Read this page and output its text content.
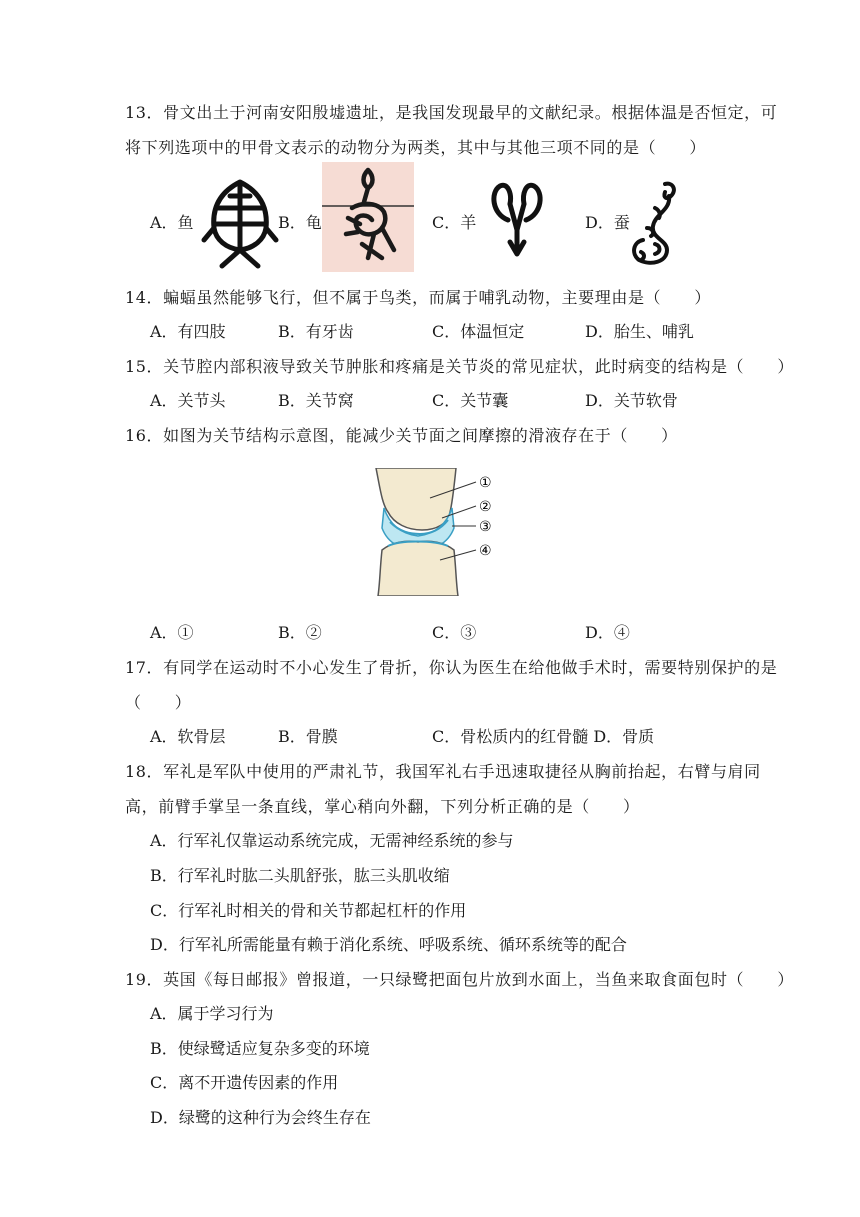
13．骨文出土于河南安阳殷墟遗址，是我国发现最早的文献纪录。根据体温是否恒定，可
将下列选项中的甲骨文表示的动物分为两类，其中与其他三项不同的是（　　）
A．鱼	B．龟	C．羊	D．蚕
14．蝙蝠虽然能够飞行，但不属于鸟类，而属于哺乳动物，主要理由是（　　）
A．有四肢	B．有牙齿	C．体温恒定	D．胎生、哺乳
15．关节腔内部积液导致关节肿胀和疼痛是关节炎的常见症状，此时病变的结构是（　　）
A．关节头	B．关节窝	C．关节囊	D．关节软骨
16．如图为关节结构示意图，能减少关节面之间摩擦的滑液存在于（　　）
①
②
③
④
A．①	B．②	C．③	D．④
17．有同学在运动时不小心发生了骨折，你认为医生在给他做手术时，需要特别保护的是
（　　）
A．软骨层	B．骨膜	C．骨松质内的红骨髓 D．骨质
18．军礼是军队中使用的严肃礼节，我国军礼右手迅速取捷径从胸前抬起，右臂与肩同
高，前臂手掌呈一条直线，掌心稍向外翻，下列分析正确的是（　　）
A．行军礼仅靠运动系统完成，无需神经系统的参与
B．行军礼时肱二头肌舒张，肱三头肌收缩
C．行军礼时相关的骨和关节都起杠杆的作用
D．行军礼所需能量有赖于消化系统、呼吸系统、循环系统等的配合
19．英国《每日邮报》曾报道，一只绿鹭把面包片放到水面上，当鱼来取食面包时（　　）
A．属于学习行为
B．使绿鹭适应复杂多变的环境
C．离不开遗传因素的作用
D．绿鹭的这种行为会终生存在
